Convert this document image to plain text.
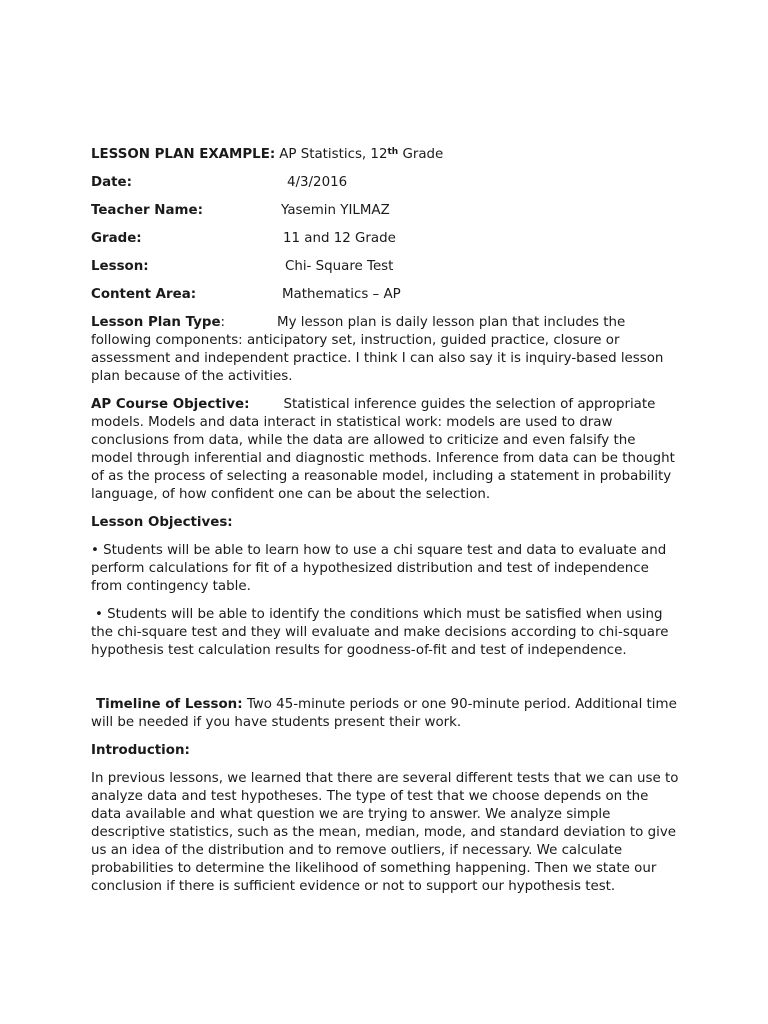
LESSON PLAN EXAMPLE: AP Statistics, 12th Grade
Date:	4/3/2016
Teacher Name:	Yasemin YILMAZ
Grade:	11 and 12 Grade
Lesson:	Chi- Square Test
Content Area:	Mathematics – AP

Lesson Plan Type:	My lesson plan is daily lesson plan that includes the following components: anticipatory set, instruction, guided practice, closure or assessment and independent practice. I think I can also say it is inquiry-based lesson plan because of the activities.

AP Course Objective:	Statistical inference guides the selection of appropriate models. Models and data interact in statistical work: models are used to draw conclusions from data, while the data are allowed to criticize and even falsify the model through inferential and diagnostic methods. Inference from data can be thought of as the process of selecting a reasonable model, including a statement in probability language, of how confident one can be about the selection.

Lesson Objectives:

• Students will be able to learn how to use a chi square test and data to evaluate and perform calculations for fit of a hypothesized distribution and test of independence from contingency table.

• Students will be able to identify the conditions which must be satisfied when using the chi-square test and they will evaluate and make decisions according to chi-square hypothesis test calculation results for goodness-of-fit and test of independence.

Timeline of Lesson: Two 45-minute periods or one 90-minute period. Additional time will be needed if you have students present their work.

Introduction:

In previous lessons, we learned that there are several different tests that we can use to analyze data and test hypotheses. The type of test that we choose depends on the data available and what question we are trying to answer. We analyze simple descriptive statistics, such as the mean, median, mode, and standard deviation to give us an idea of the distribution and to remove outliers, if necessary. We calculate probabilities to determine the likelihood of something happening. Then we state our conclusion if there is sufficient evidence or not to support our hypothesis test.
